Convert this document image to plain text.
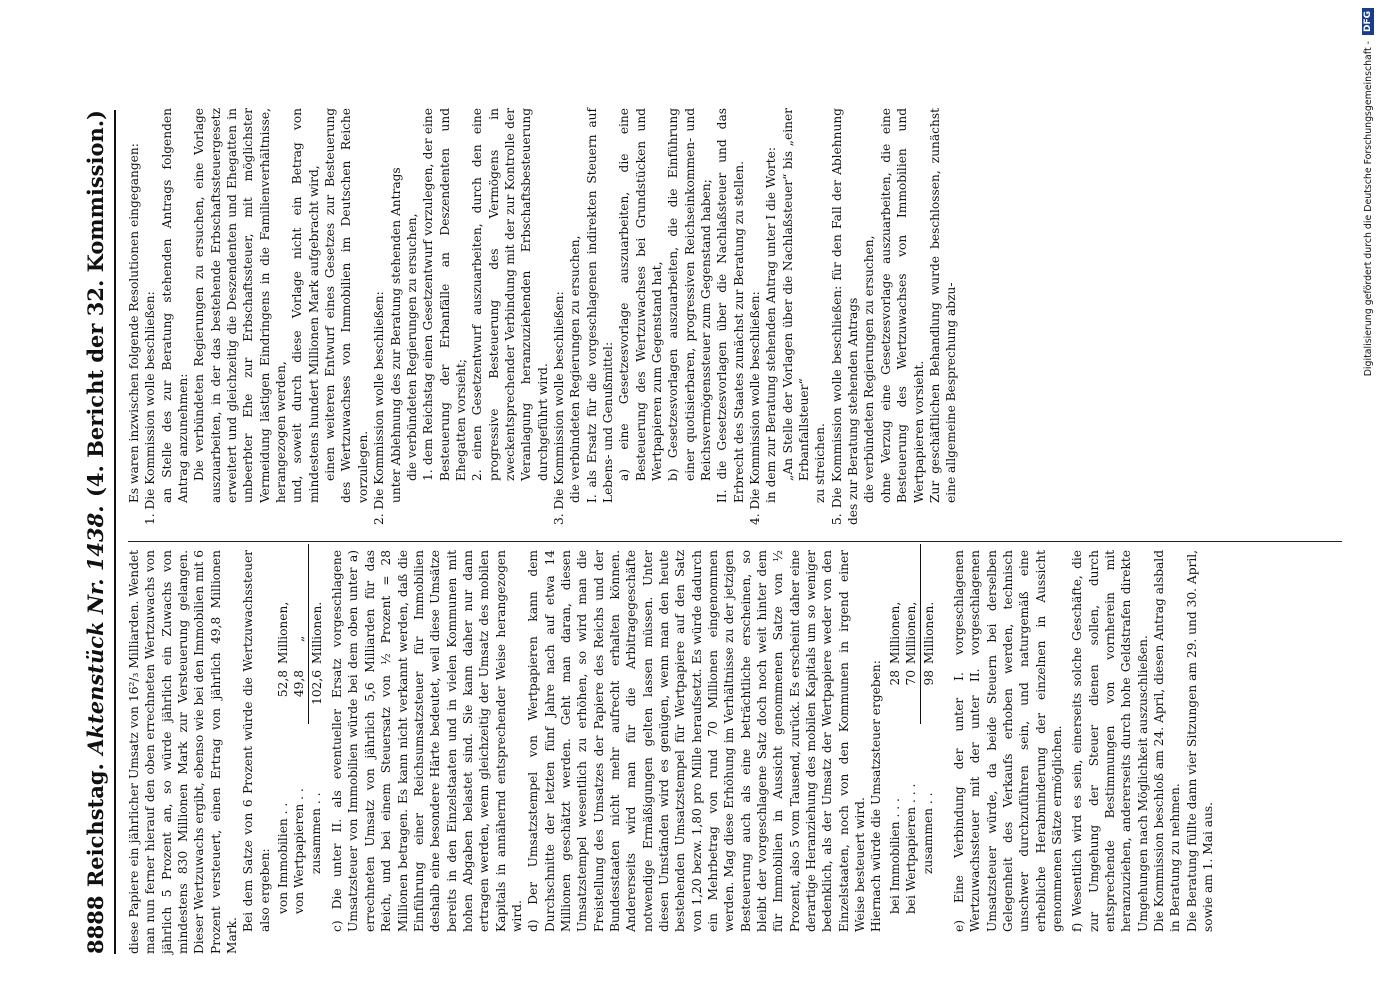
8888
Reichstag.
Aktenstück Nr. 1438.
(4. Bericht der 32. Kommission.)

diese Papiere ein jährlicher Umsatz von 16²/₃ Milliarden. Wendet man nun ferner hierauf den oben errechneten Wertzuwachs von jährlich 5 Prozent an, so würde jährlich ein Zuwachs von mindestens 830 Millionen Mark zur Versteuerung gelangen. Dieser Wertzuwachs ergibt, ebenso wie bei den Immobilien mit 6 Prozent versteuert, einen Ertrag von jährlich 49,8 Millionen Mark.

Bei dem Satze von 6 Prozent würde die Wertzuwachssteuer also ergeben: von Immobilien . .
52,8
Millionen,
von Wertpapieren . .
49,8
„
zusammen . .
102,6
Millionen. c) Die unter II. als eventueller Ersatz vorgeschlagene Umsatzsteuer von Immobilien würde bei dem oben unter a) errechneten Umsatz von jährlich 5,6 Milliarden für das Reich, und bei einem Steuersatz von ½ Prozent = 28 Millionen betragen. Es kann nicht verkannt werden, daß die Einführung einer Reichsumsatzsteuer für Immobilien deshalb eine besondere Härte bedeutet, weil diese Umsätze bereits in den Einzelstaaten und in vielen Kommunen mit hohen Abgaben belastet sind. Sie kann daher nur dann ertragen werden, wenn gleichzeitig der Umsatz des mobilen Kapitals in annähernd entsprechender Weise herangezogen wird. d) Der Umsatzstempel von Wertpapieren kann dem Durchschnitte der letzten fünf Jahre nach auf etwa 14 Millionen geschätzt werden. Geht man daran, diesen Umsatzstempel wesentlich zu erhöhen, so wird man die Freistellung des Umsatzes der Papiere des Reichs und der Bundesstaaten nicht mehr aufrecht erhalten können. Andererseits wird man für die Arbitragegeschäfte notwendige Ermäßigungen gelten lassen müssen. Unter diesen Umständen wird es genügen, wenn man den heute bestehenden Umsatzstempel für Wertpapiere auf den Satz von 1,20 bezw. 1,80 pro Mille heraufsetzt. Es würde dadurch ein Mehrbetrag von rund 70 Millionen eingenommen werden. Mag diese Erhöhung im Verhältnisse zu der jetzigen Besteuerung auch als eine beträchtliche erscheinen, so bleibt der vorgeschlagene Satz doch noch weit hinter dem für Immobilien in Aussicht genommenen Satze von ½ Prozent, also 5 vom Tausend, zurück. Es erscheint daher eine derartige Heranziehung des mobilen Kapitals um so weniger bedenklich, als der Umsatz der Wertpapiere weder von den Einzelstaaten, noch von den Kommunen in irgend einer Weise besteuert wird. Hiernach würde die Umsatzsteuer ergeben: bei Immobilien . . .
28
Millionen,
bei Wertpapieren . . .
70
Millionen,
zusammen . .
98
Millionen. e) Eine Verbindung der unter I. vorgeschlagenen Wertzuwachssteuer mit der unter II. vorgeschlagenen Umsatzsteuer würde, da beide Steuern bei derselben Gelegenheit des Verkaufs erhoben werden, technisch unschwer durchzuführen sein, und naturgemäß eine erhebliche Herabminderung der einzelnen in Aussicht genommenen Sätze ermöglichen. f) Wesentlich wird es sein, einerseits solche Geschäfte, die zur Umgehung der Steuer dienen sollen, durch entsprechende Bestimmungen von vornherein mit heranzuziehen, andererseits durch hohe Geldstrafen direkte Umgehungen nach Möglichkeit auszuschließen. Die Kommission beschloß am 24. April, diesen Antrag alsbald in Beratung zu nehmen. Die Beratung füllte dann vier Sitzungen am 29. und 30. April, sowie am 1. Mai aus.

Es waren inzwischen folgende Resolutionen eingegangen: 1. Die Kommission wolle beschließen: an Stelle des zur Beratung stehenden Antrags folgenden Antrag anzunehmen: Die verbündeten Regierungen zu ersuchen, eine Vorlage auszuarbeiten, in der das bestehende Erbschaftssteuergesetz erweitert und gleichzeitig die Deszendenten und Ehegatten in unbeerbter Ehe zur Erbschaftssteuer, mit möglichster Vermeidung lästigen Eindringens in die Familienverhältnisse, herangezogen werden, und, soweit durch diese Vorlage nicht ein Betrag von mindestens hundert Millionen Mark aufgebracht wird, einen weiteren Entwurf eines Gesetzes zur Besteuerung des Wertzuwachses von Immobilien im Deutschen Reiche vorzulegen. 2. Die Kommission wolle beschließen: unter Ablehnung des zur Beratung stehenden Antrags die verbündeten Regierungen zu ersuchen, 1. dem Reichstag einen Gesetzentwurf vorzulegen, der eine Besteuerung der Erbanfälle an Deszendenten und Ehegatten vorsieht; 2. einen Gesetzentwurf auszuarbeiten, durch den eine progressive Besteuerung des Vermögens in zweckentsprechender Verbindung mit der zur Kontrolle der Veranlagung heranzuziehenden Erbschaftsbesteuerung durchgeführt wird. 3. Die Kommission wolle beschließen: die verbündeten Regierungen zu ersuchen, I. als Ersatz für die vorgeschlagenen indirekten Steuern auf Lebens- und Genußmittel: a) eine Gesetzesvorlage auszuarbeiten, die eine Besteuerung des Wertzuwachses bei Grundstücken und Wertpapieren zum Gegenstand hat, b) Gesetzesvorlagen auszuarbeiten, die die Einführung einer quotisierbaren, progressiven Reichseinkommen- und Reichsvermögenssteuer zum Gegenstand haben; II. die Gesetzesvorlagen über die Nachlaßsteuer und das Erbrecht des Staates zunächst zur Beratung zu stellen. 4. Die Kommission wolle beschließen: in dem zur Beratung stehenden Antrag unter I die Worte: „An Stelle der Vorlagen über die Nachlaßsteuer“ bis „einer Erbanfallsteuer“ zu streichen. 5. Die Kommission wolle beschließen: für den Fall der Ablehnung des zur Beratung stehenden Antrags die verbündeten Regierungen zu ersuchen, ohne Verzug eine Gesetzesvorlage auszuarbeiten, die eine Besteuerung des Wertzuwachses von Immobilien und Wertpapieren vorsieht. Zur geschäftlichen Behandlung wurde beschlossen, zunächst eine allgemeine Besprechung abzu-

Digitalisierung gefördert durch die Deutsche Forschungsgemeinschaft -
DFG
